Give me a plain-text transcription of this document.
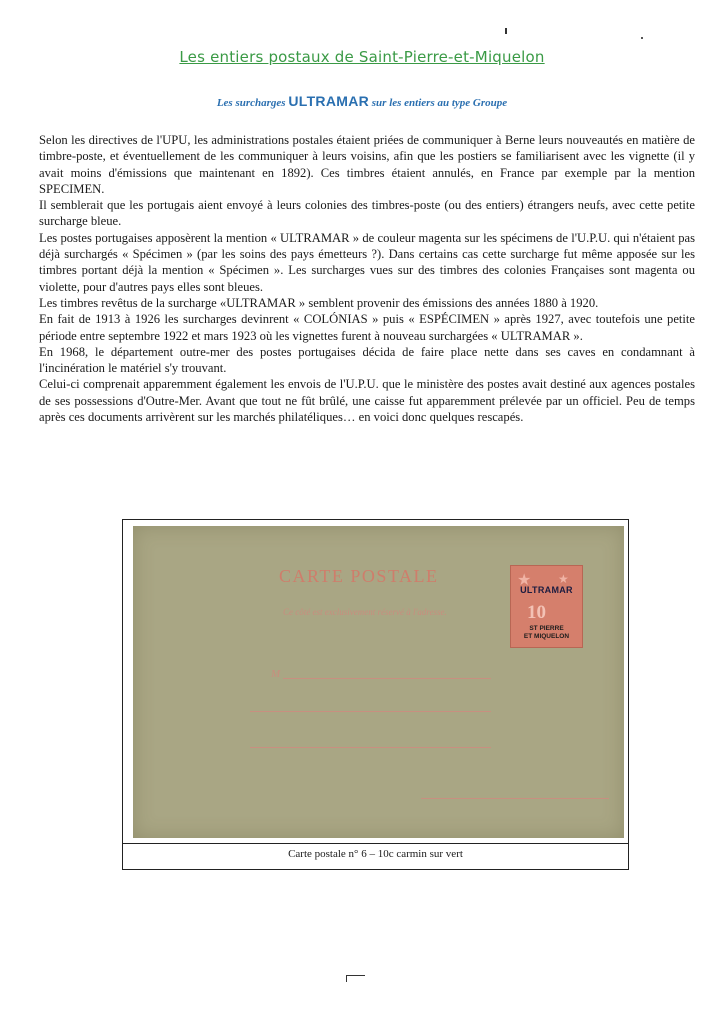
Les entiers postaux de Saint-Pierre-et-Miquelon
Les surcharges ULTRAMAR sur les entiers au type Groupe

Selon les directives de l'UPU, les administrations postales étaient priées de communiquer à Berne leurs nouveautés en matière de timbre-poste, et éventuellement de les communiquer à leurs voisins, afin que les postiers se familiarisent avec les vignette (il y avait moins d'émissions que maintenant en 1892). Ces timbres étaient annulés, en France par exemple par la mention SPECIMEN.

Il semblerait que les portugais aient envoyé à leurs colonies des timbres-poste (ou des entiers) étrangers neufs, avec cette petite surcharge bleue.

Les postes portugaises apposèrent la mention « ULTRAMAR » de couleur magenta sur les spécimens de l'U.P.U. qui n'étaient pas déjà surchargés « Spécimen » (par les soins des pays émetteurs ?). Dans certains cas cette surcharge fut même apposée sur les timbres portant déjà la mention « Spécimen ». Les surcharges vues sur des timbres des colonies Françaises sont magenta ou violette, pour d'autres pays elles sont bleues.

Les timbres revêtus de la surcharge «ULTRAMAR » semblent provenir des émissions des années 1880 à 1920.

En fait de 1913 à 1926 les surcharges devinrent « COLÓNIAS » puis « ESPÉCIMEN » après 1927, avec toutefois une petite période entre septembre 1922 et mars 1923 où les vignettes furent à nouveau surchargées « ULTRAMAR ».

En 1968, le département outre-mer des postes portugaises décida de faire place nette dans ses caves en condamnant à l'incinération le matériel s'y trouvant.

Celui-ci comprenait apparemment également les envois de l'U.P.U. que le ministère des postes avait destiné aux agences postales de ses possessions d'Outre-Mer. Avant que tout ne fût brûlé, une caisse fut apparemment prélevée par un officiel. Peu de temps après ces documents arrivèrent sur les marchés philatéliques… en voici donc quelques rescapés.

CARTE POSTALE
Ce côté est exclusivement réservé à l'adresse.
M
★ ★
ULTRAMAR
10
ST PIERRE
ET MIQUELON
Carte postale n° 6 – 10c carmin sur vert
